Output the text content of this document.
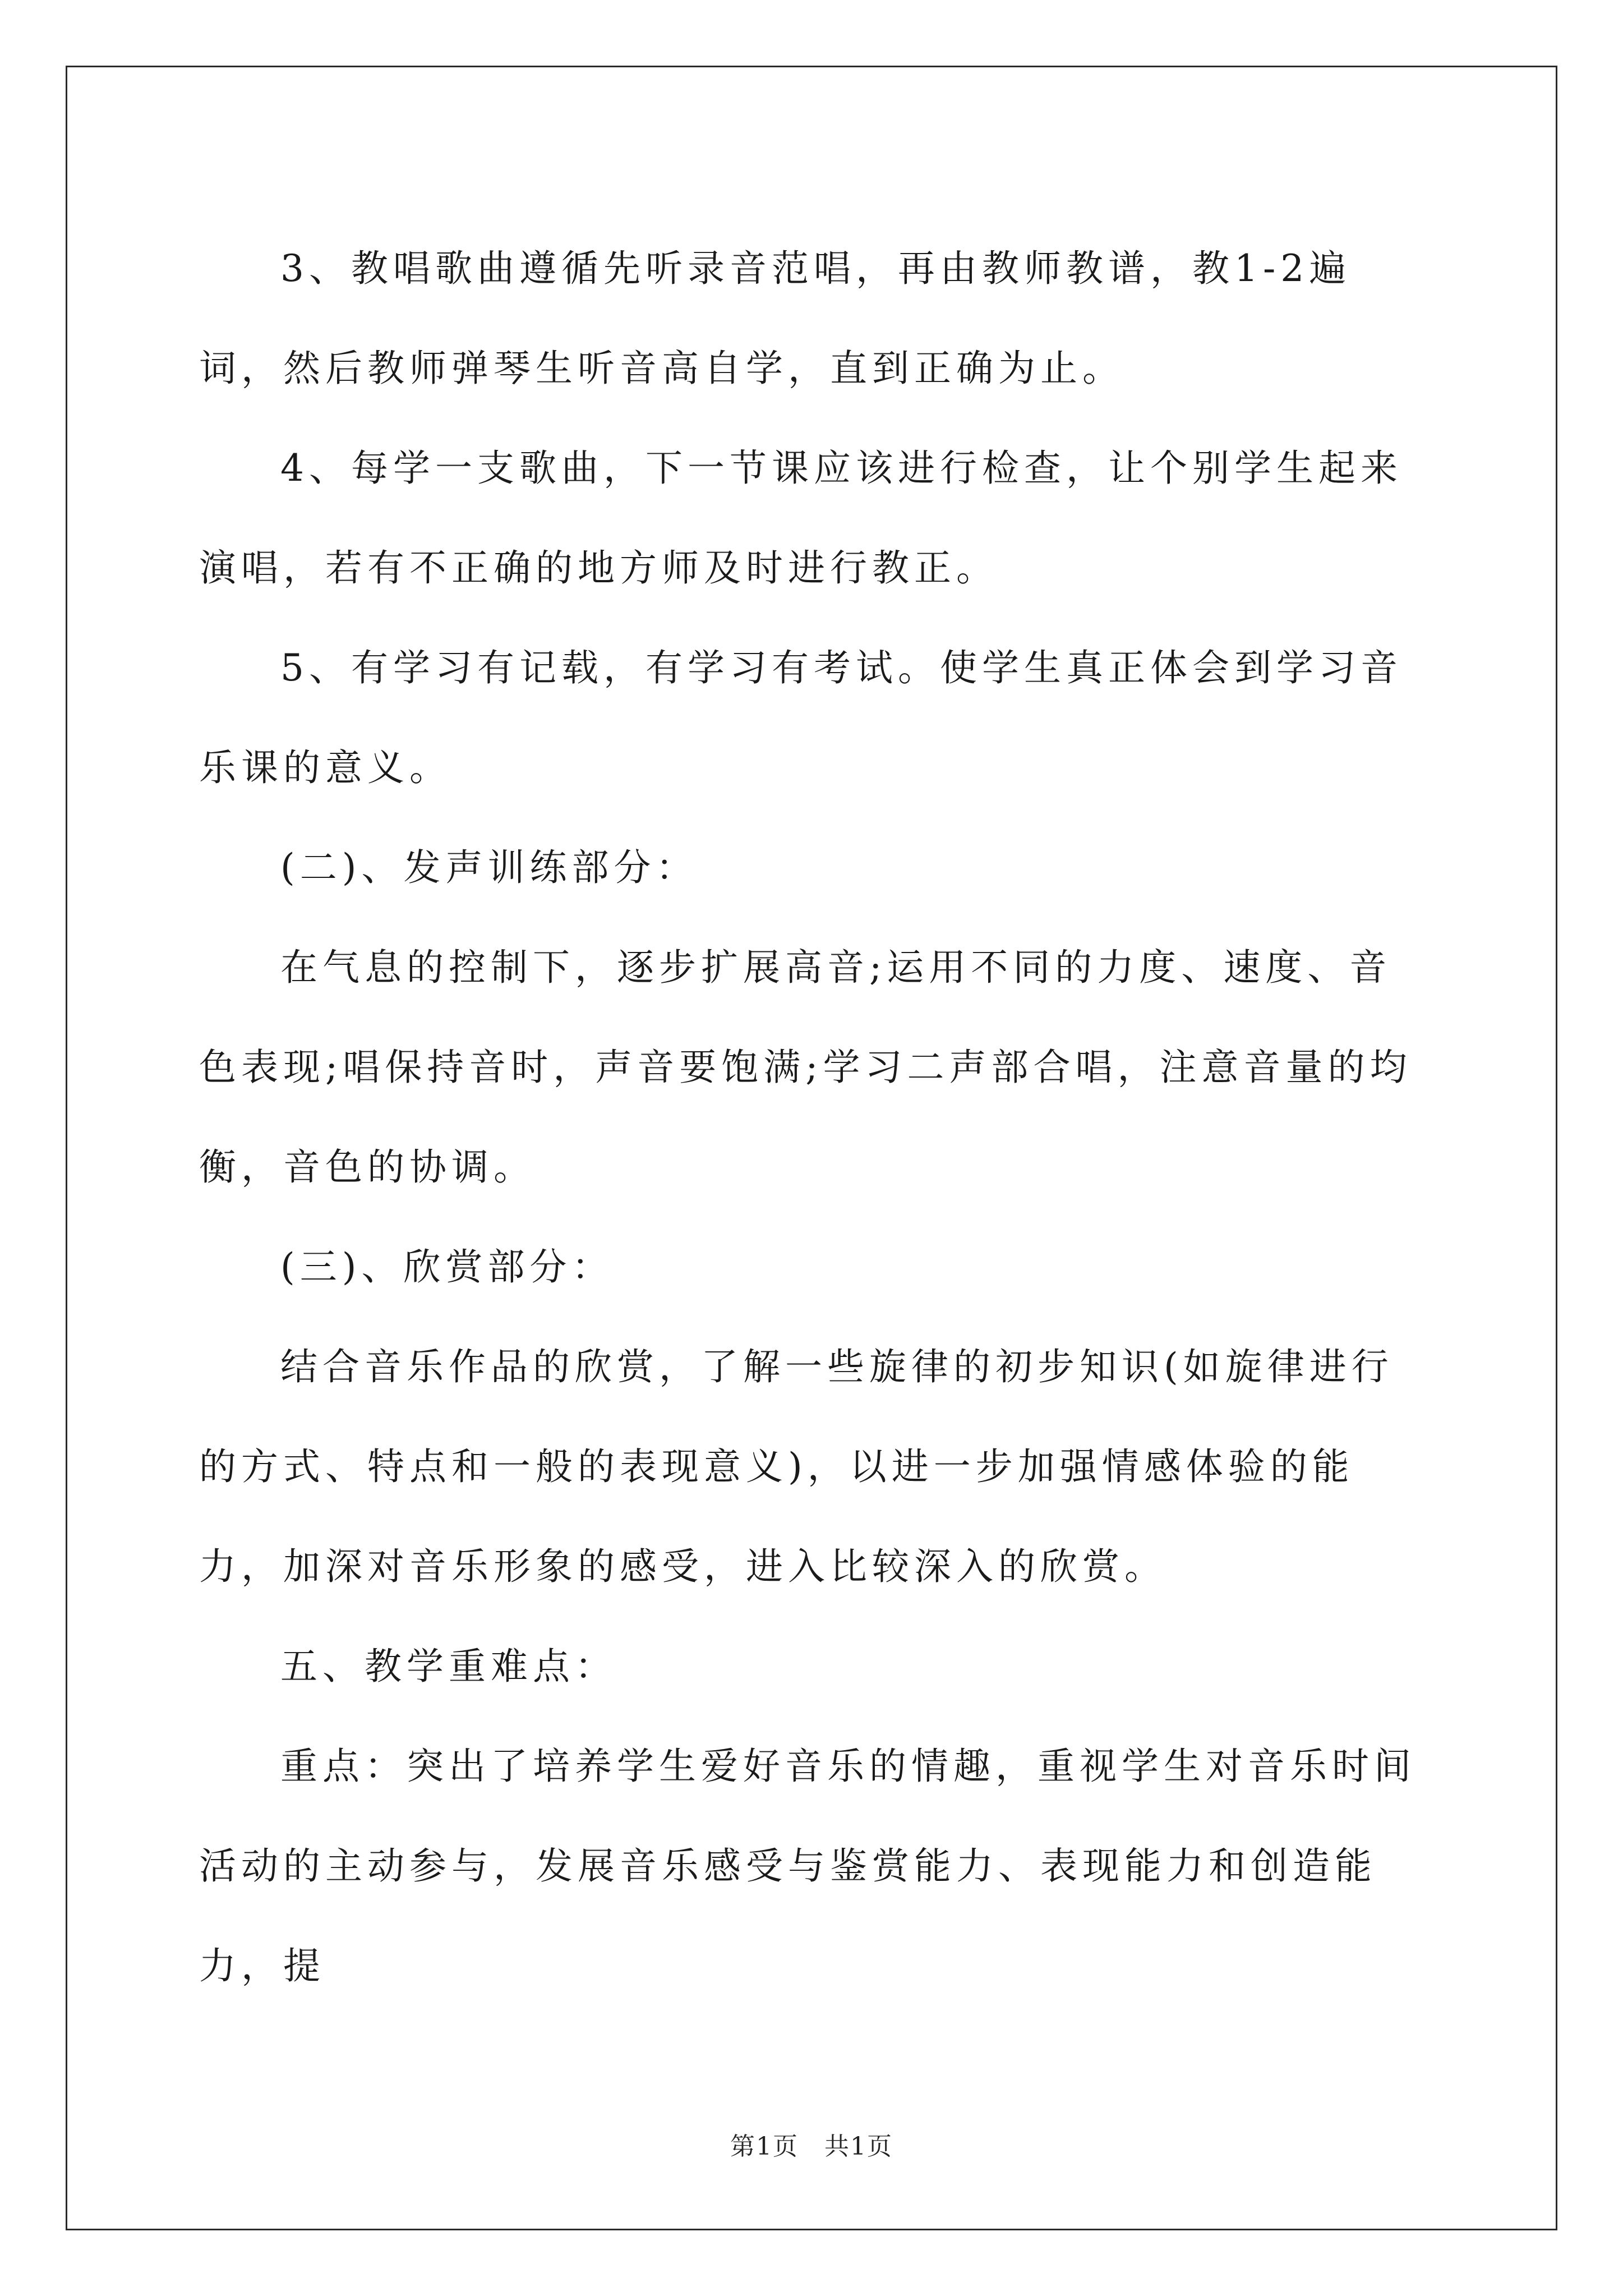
3、教唱歌曲遵循先听录音范唱，再由教师教谱，教1-2遍词，然后教师弹琴生听音高自学，直到正确为止。

4、每学一支歌曲，下一节课应该进行检查，让个别学生起来演唱，若有不正确的地方师及时进行教正。

5、有学习有记载，有学习有考试。使学生真正体会到学习音乐课的意义。

(二)、发声训练部分：

在气息的控制下，逐步扩展高音;运用不同的力度、速度、音色表现;唱保持音时，声音要饱满;学习二声部合唱，注意音量的均衡，音色的协调。

(三)、欣赏部分：

结合音乐作品的欣赏，了解一些旋律的初步知识(如旋律进行的方式、特点和一般的表现意义)，以进一步加强情感体验的能力，加深对音乐形象的感受，进入比较深入的欣赏。

五、教学重难点：

重点：突出了培养学生爱好音乐的情趣，重视学生对音乐时间活动的主动参与，发展音乐感受与鉴赏能力、表现能力和创造能力，提

第1页　共1页
